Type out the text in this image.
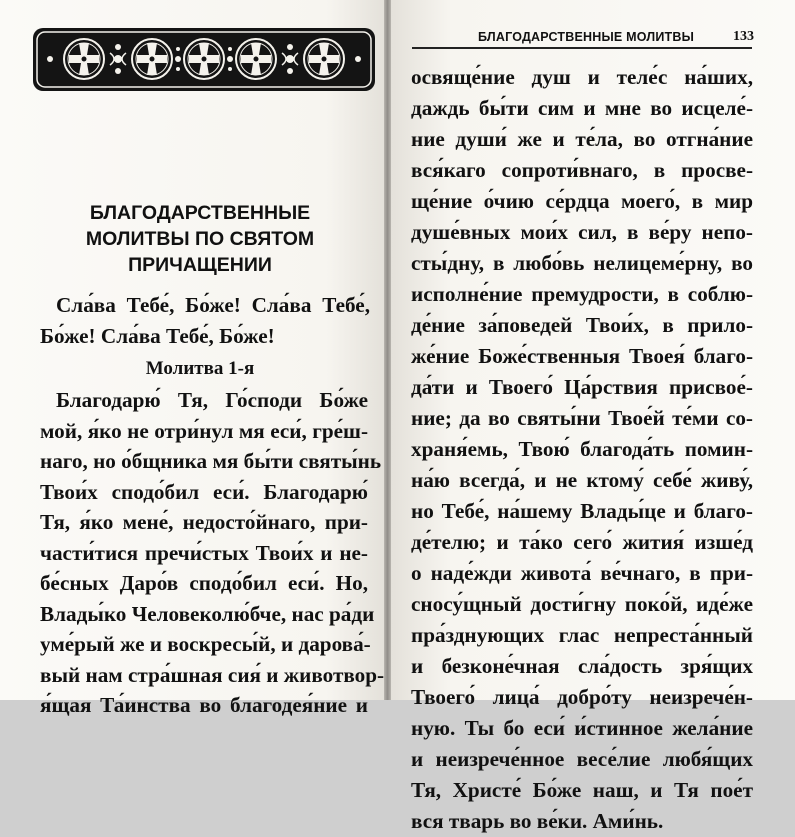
БЛАГОДАРСТВЕННЫЕ
МОЛИТВЫ ПО СВЯТОМ
ПРИЧАЩЕНИИ
Сла́ва Тебе́, Бо́же! Сла́ва Тебе́,
Бо́же! Сла́ва Тебе́, Бо́же!
Молитва 1-я
Благодарю́ Тя, Го́споди Бо́же
мой, я́ко не отри́нул мя еси́, гре́ш-
наго, но о́бщника мя бы́ти святы́нь
Твои́х сподо́бил еси́. Благодарю́
Тя, я́ко мене́, недосто́йнаго, при-
части́тися пречи́стых Твои́х и не-
бе́сных Даро́в сподо́бил еси́. Но,
Влады́ко Человеколю́бче, нас ра́ди
уме́рый же и воскресы́й, и дарова́-
вый нам стра́шная сия́ и животвор-
я́щая Та́инства во благодея́ние и
БЛАГОДАРСТВЕННЫЕ МОЛИТВЫ	133
освяще́ние душ и теле́с на́ших,
даждь бы́ти сим и мне во исцеле́-
ние души́ же и те́ла, во отгна́ние
вся́каго сопроти́внаго, в просве-
ще́ние о́чию се́рдца моего́, в мир
душе́вных мои́х сил, в ве́ру непо-
сты́дну, в любо́вь нелицеме́рну, во
исполне́ние премудрости, в соблю-
де́ние за́поведей Твои́х, в прило-
же́ние Боже́ственныя Твоея́ благо-
да́ти и Твоего́ Ца́рствия присвое́-
ние; да во святы́ни Твое́й те́ми со-
храня́емь, Твою́ благода́ть помин-
на́ю всегда́, и не ктому́ себе́ живу́,
но Тебе́, на́шему Влады́це и благо-
де́телю; и та́ко сего́ жития́ изше́д
о наде́жди живота́ ве́чнаго, в при-
сносу́щный дости́гну поко́й, иде́же
пра́зднующих глас непреста́нный
и безконе́чная сла́дость зря́щих
Твоего́ лица́ добро́ту неизрече́н-
ную. Ты бо еси́ и́стинное жела́ние
и неизрече́нное весе́лие любя́щих
Тя, Христе́ Бо́же наш, и Тя пое́т
вся тварь во ве́ки. Ами́нь.
